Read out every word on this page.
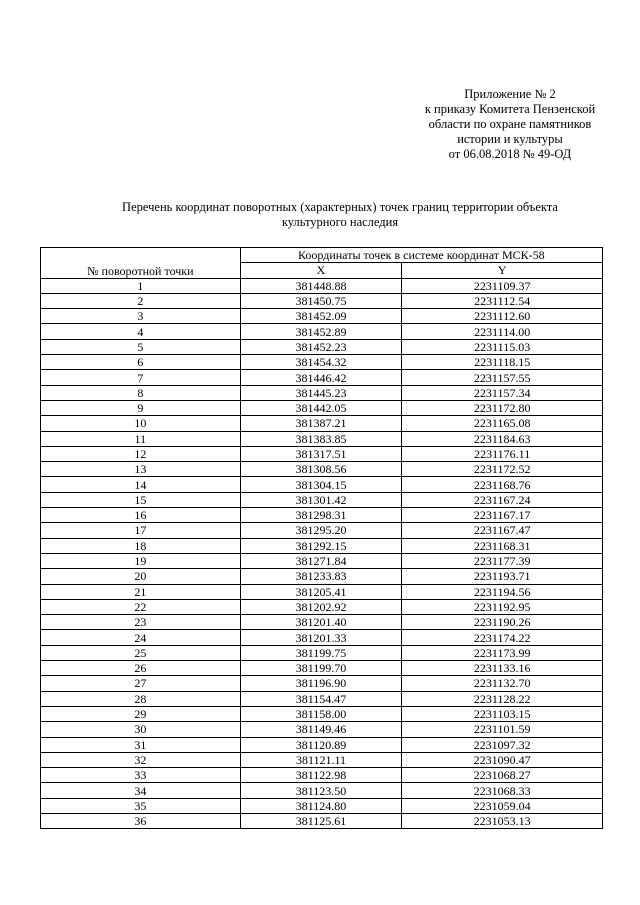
Приложение № 2
к приказу Комитета Пензенской
области по охране памятников
истории и культуры
от 06.08.2018 № 49-ОД
Перечень координат поворотных (характерных) точек границ территории объекта
культурного наследия
№ поворотной точки	Координаты точек в системе координат МСК-58	
	X	Y
1	381448.88	2231109.37
2	381450.75	2231112.54
3	381452.09	2231112.60
4	381452.89	2231114.00
5	381452.23	2231115.03
6	381454.32	2231118.15
7	381446.42	2231157.55
8	381445.23	2231157.34
9	381442.05	2231172.80
10	381387.21	2231165.08
11	381383.85	2231184.63
12	381317.51	2231176.11
13	381308.56	2231172.52
14	381304.15	2231168.76
15	381301.42	2231167.24
16	381298.31	2231167.17
17	381295.20	2231167.47
18	381292.15	2231168.31
19	381271.84	2231177.39
20	381233.83	2231193.71
21	381205.41	2231194.56
22	381202.92	2231192.95
23	381201.40	2231190.26
24	381201.33	2231174.22
25	381199.75	2231173.99
26	381199.70	2231133.16
27	381196.90	2231132.70
28	381154.47	2231128.22
29	381158.00	2231103.15
30	381149.46	2231101.59
31	381120.89	2231097.32
32	381121.11	2231090.47
33	381122.98	2231068.27
34	381123.50	2231068.33
35	381124.80	2231059.04
36	381125.61	2231053.13
